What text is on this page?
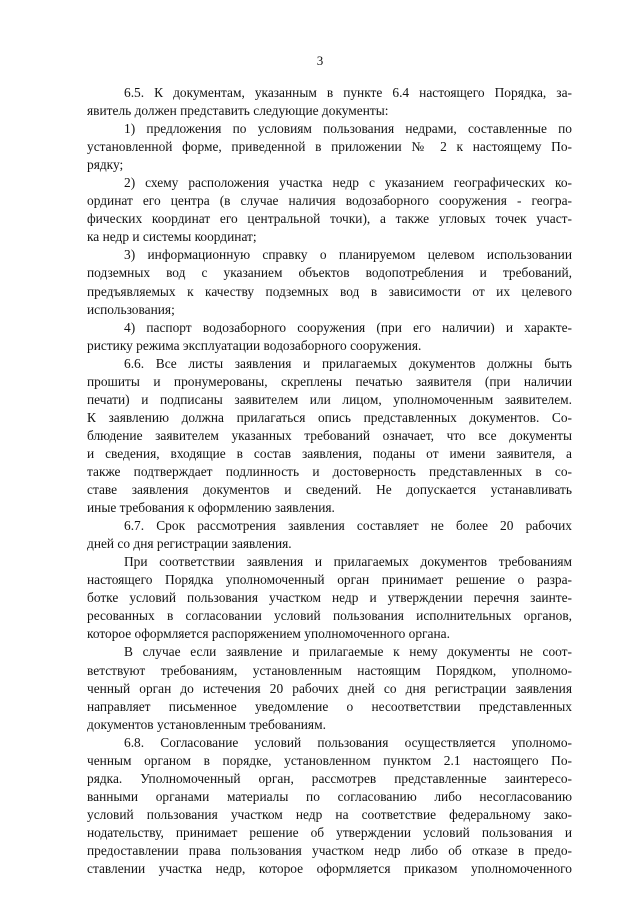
3
6.5. К документам, указанным в пункте 6.4 настоящего Порядка, за-
явитель должен представить следующие документы:
1) предложения по условиям пользования недрами, составленные по
установленной форме, приведенной в приложении № 2 к настоящему По-
рядку;
2) схему расположения участка недр с указанием географических ко-
ординат его центра (в случае наличия водозаборного сооружения - геогра-
фических координат его центральной точки), а также угловых точек участ-
ка недр и системы координат;
3) информационную справку о планируемом целевом использовании
подземных вод с указанием объектов водопотребления и требований,
предъявляемых к качеству подземных вод в зависимости от их целевого
использования;
4) паспорт водозаборного сооружения (при его наличии) и характе-
ристику режима эксплуатации водозаборного сооружения.
6.6. Все листы заявления и прилагаемых документов должны быть
прошиты и пронумерованы, скреплены печатью заявителя (при наличии
печати) и подписаны заявителем или лицом, уполномоченным заявителем.
К заявлению должна прилагаться опись представленных документов. Со-
блюдение заявителем указанных требований означает, что все документы
и сведения, входящие в состав заявления, поданы от имени заявителя, а
также подтверждает подлинность и достоверность представленных в со-
ставе заявления документов и сведений. Не допускается устанавливать
иные требования к оформлению заявления.
6.7. Срок рассмотрения заявления составляет не более 20 рабочих
дней со дня регистрации заявления.
При соответствии заявления и прилагаемых документов требованиям
настоящего Порядка уполномоченный орган принимает решение о разра-
ботке условий пользования участком недр и утверждении перечня заинте-
ресованных в согласовании условий пользования исполнительных органов,
которое оформляется распоряжением уполномоченного органа.
В случае если заявление и прилагаемые к нему документы не соот-
ветствуют требованиям, установленным настоящим Порядком, уполномо-
ченный орган до истечения 20 рабочих дней со дня регистрации заявления
направляет письменное уведомление о несоответствии представленных
документов установленным требованиям.
6.8. Согласование условий пользования осуществляется уполномо-
ченным органом в порядке, установленном пунктом 2.1 настоящего По-
рядка. Уполномоченный орган, рассмотрев представленные заинтересо-
ванными органами материалы по согласованию либо несогласованию
условий пользования участком недр на соответствие федеральному зако-
нодательству, принимает решение об утверждении условий пользования и
предоставлении права пользования участком недр либо об отказе в предо-
ставлении участка недр, которое оформляется приказом уполномоченного
